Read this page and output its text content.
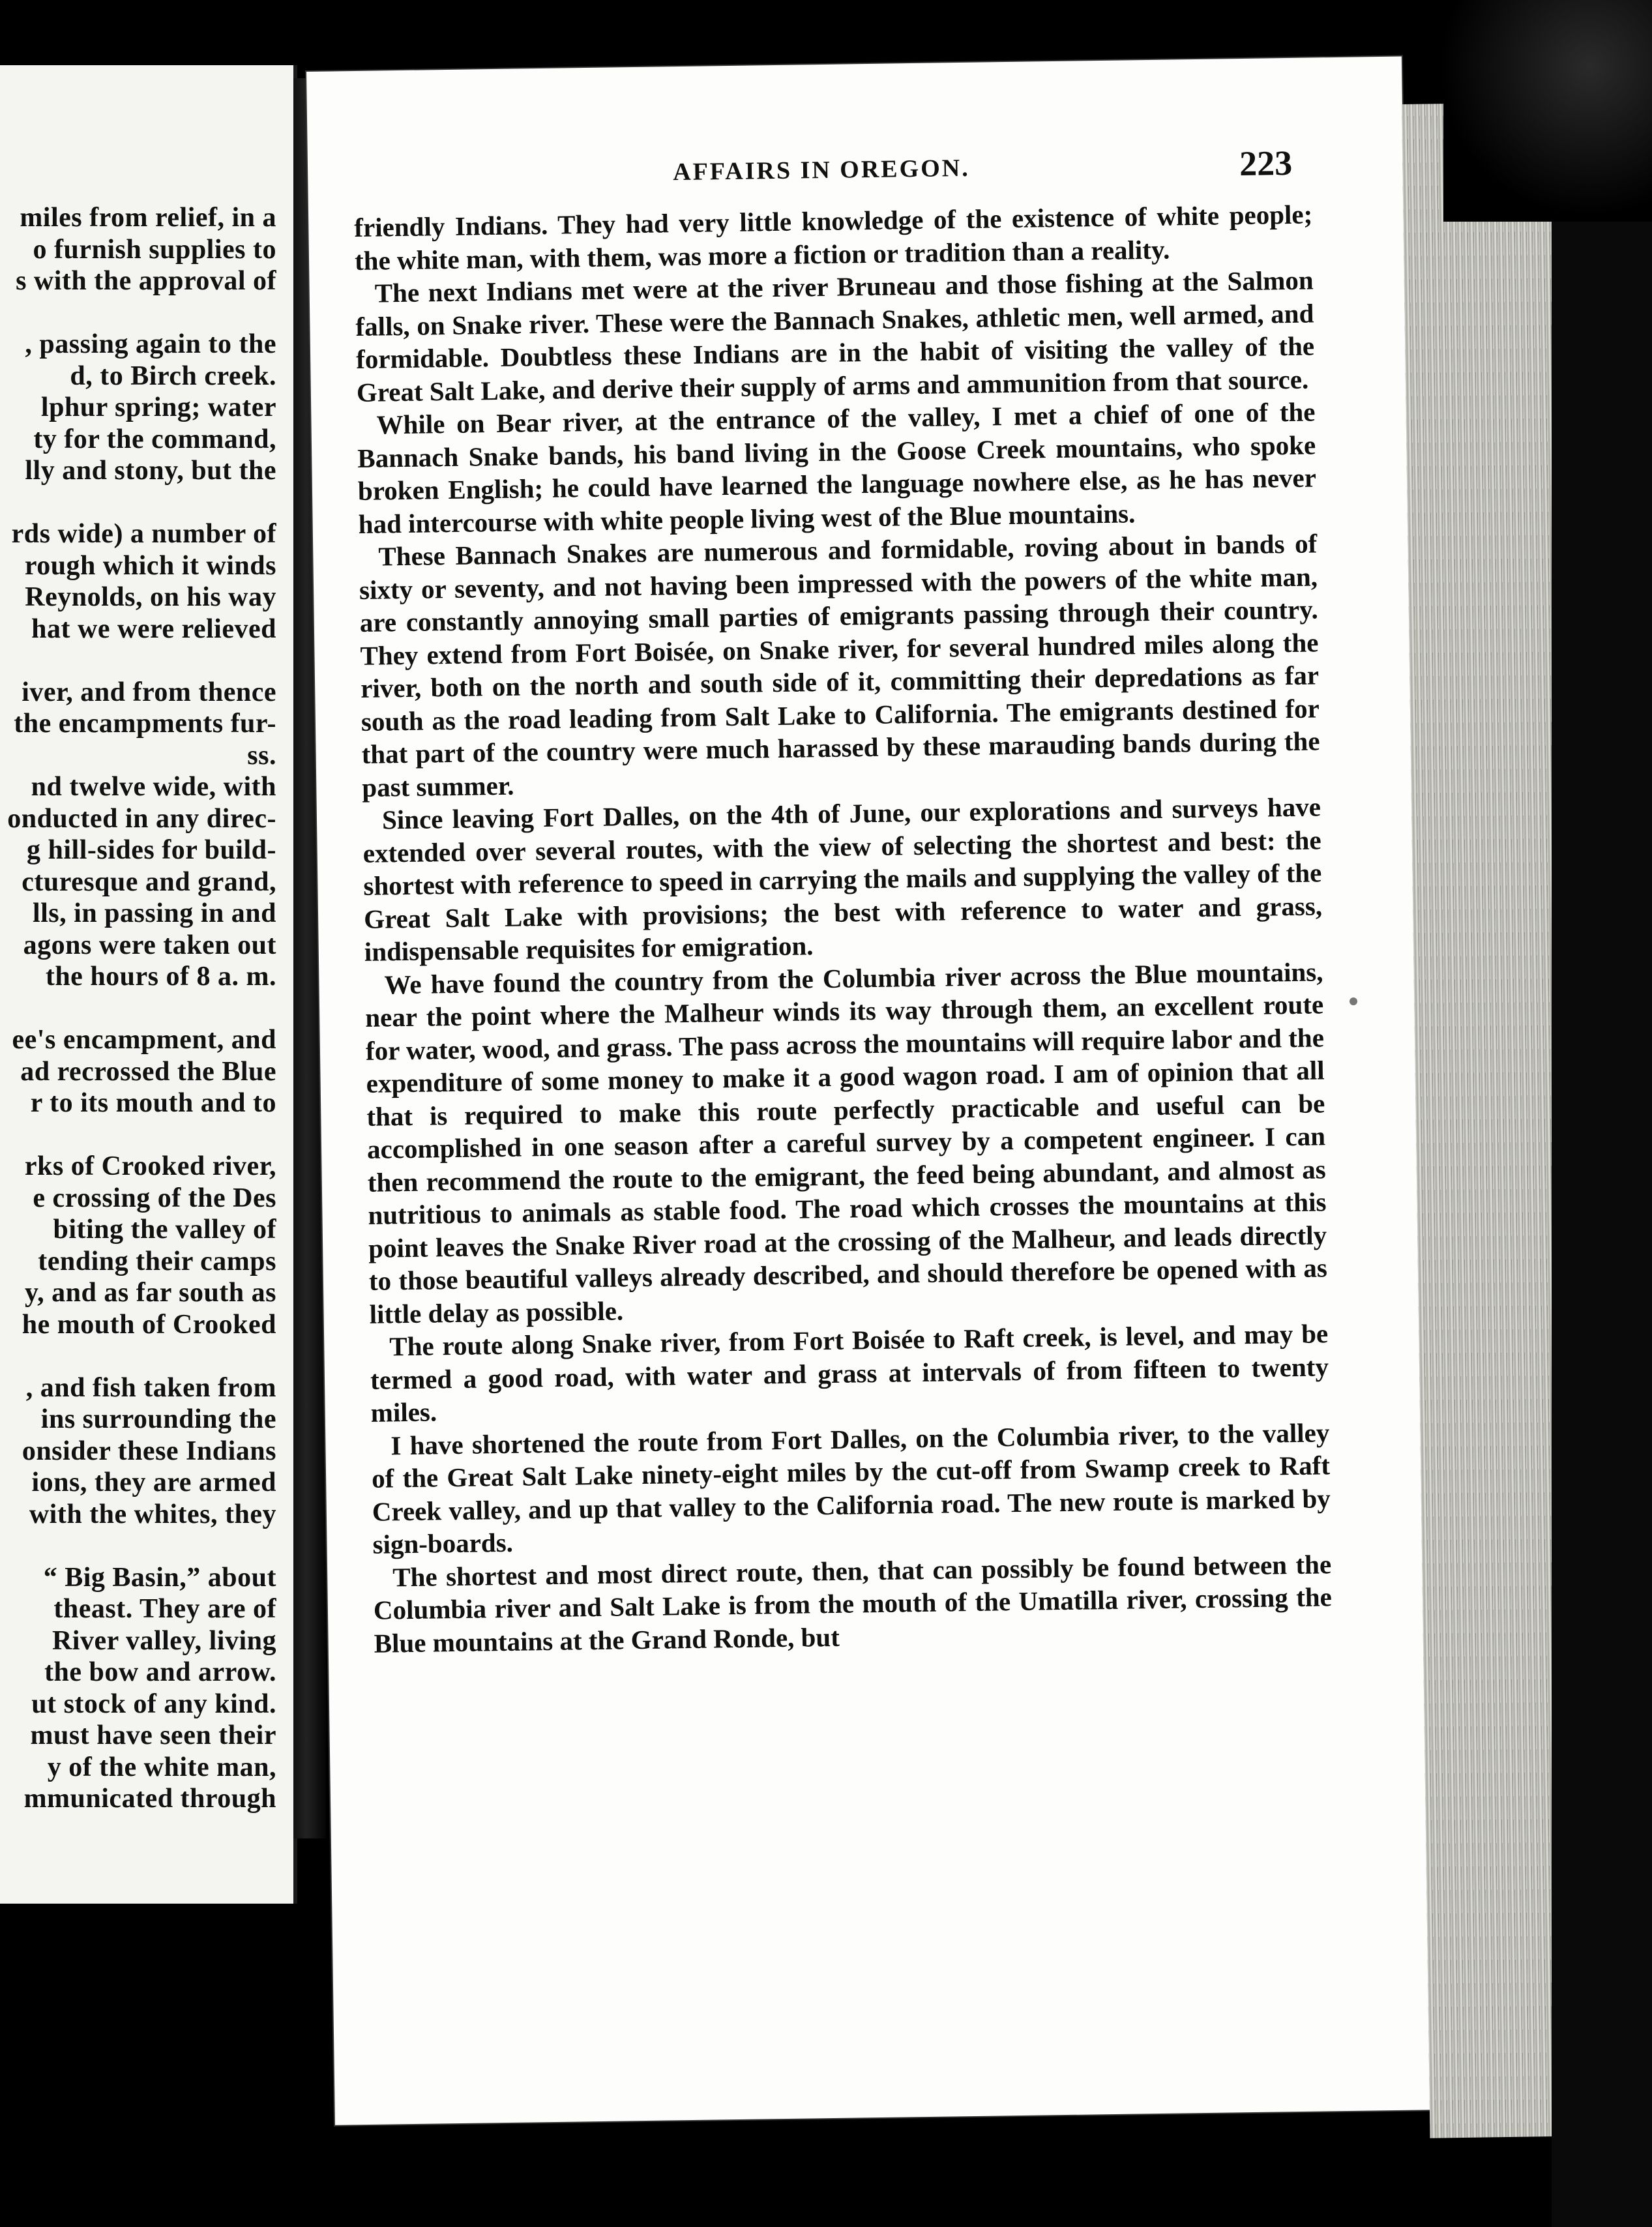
miles from relief, in a
o furnish supplies to
s with the approval of
, passing again to the
d, to Birch creek.
lphur spring; water
ty for the command,
lly and stony, but the
rds wide) a number of
rough which it winds
Reynolds, on his way
hat we were relieved
iver, and from thence
the encampments fur-
ss.
nd twelve wide, with
onducted in any direc-
g hill-sides for build-
cturesque and grand,
lls, in passing in and
agons were taken out
the hours of 8 a. m.
ee's encampment, and
ad recrossed the Blue
r to its mouth and to
rks of Crooked river,
e crossing of the Des
biting the valley of
tending their camps
y, and as far south as
he mouth of Crooked
, and fish taken from
ins surrounding the
onsider these Indians
ions, they are armed
with the whites, they
“ Big Basin,” about
theast. They are of
River valley, living
the bow and arrow.
ut stock of any kind.
must have seen their
y of the white man,
mmunicated through
AFFAIRS IN OREGON.	223

friendly Indians. They had very little knowledge of the existence of white people; the white man, with them, was more a fiction or tradition than a reality.

The next Indians met were at the river Bruneau and those fishing at the Salmon falls, on Snake river. These were the Bannach Snakes, athletic men, well armed, and formidable. Doubtless these Indians are in the habit of visiting the valley of the Great Salt Lake, and derive their supply of arms and ammunition from that source.

While on Bear river, at the entrance of the valley, I met a chief of one of the Bannach Snake bands, his band living in the Goose Creek mountains, who spoke broken English; he could have learned the language nowhere else, as he has never had intercourse with white people living west of the Blue mountains.

These Bannach Snakes are numerous and formidable, roving about in bands of sixty or seventy, and not having been impressed with the powers of the white man, are constantly annoying small parties of emigrants passing through their country. They extend from Fort Boisée, on Snake river, for several hundred miles along the river, both on the north and south side of it, committing their depredations as far south as the road leading from Salt Lake to California. The emigrants destined for that part of the country were much harassed by these marauding bands during the past summer.

Since leaving Fort Dalles, on the 4th of June, our explorations and surveys have extended over several routes, with the view of selecting the shortest and best: the shortest with reference to speed in carrying the mails and supplying the valley of the Great Salt Lake with provisions; the best with reference to water and grass, indispensable requisites for emigration.

We have found the country from the Columbia river across the Blue mountains, near the point where the Malheur winds its way through them, an excellent route for water, wood, and grass. The pass across the mountains will require labor and the expenditure of some money to make it a good wagon road. I am of opinion that all that is required to make this route perfectly practicable and useful can be accomplished in one season after a careful survey by a competent engineer. I can then recommend the route to the emigrant, the feed being abundant, and almost as nutritious to animals as stable food. The road which crosses the mountains at this point leaves the Snake River road at the crossing of the Malheur, and leads directly to those beautiful valleys already described, and should therefore be opened with as little delay as possible.

The route along Snake river, from Fort Boisée to Raft creek, is level, and may be termed a good road, with water and grass at intervals of from fifteen to twenty miles.

I have shortened the route from Fort Dalles, on the Columbia river, to the valley of the Great Salt Lake ninety-eight miles by the cut-off from Swamp creek to Raft Creek valley, and up that valley to the California road. The new route is marked by sign-boards.

The shortest and most direct route, then, that can possibly be found between the Columbia river and Salt Lake is from the mouth of the Umatilla river, crossing the Blue mountains at the Grand Ronde, but
